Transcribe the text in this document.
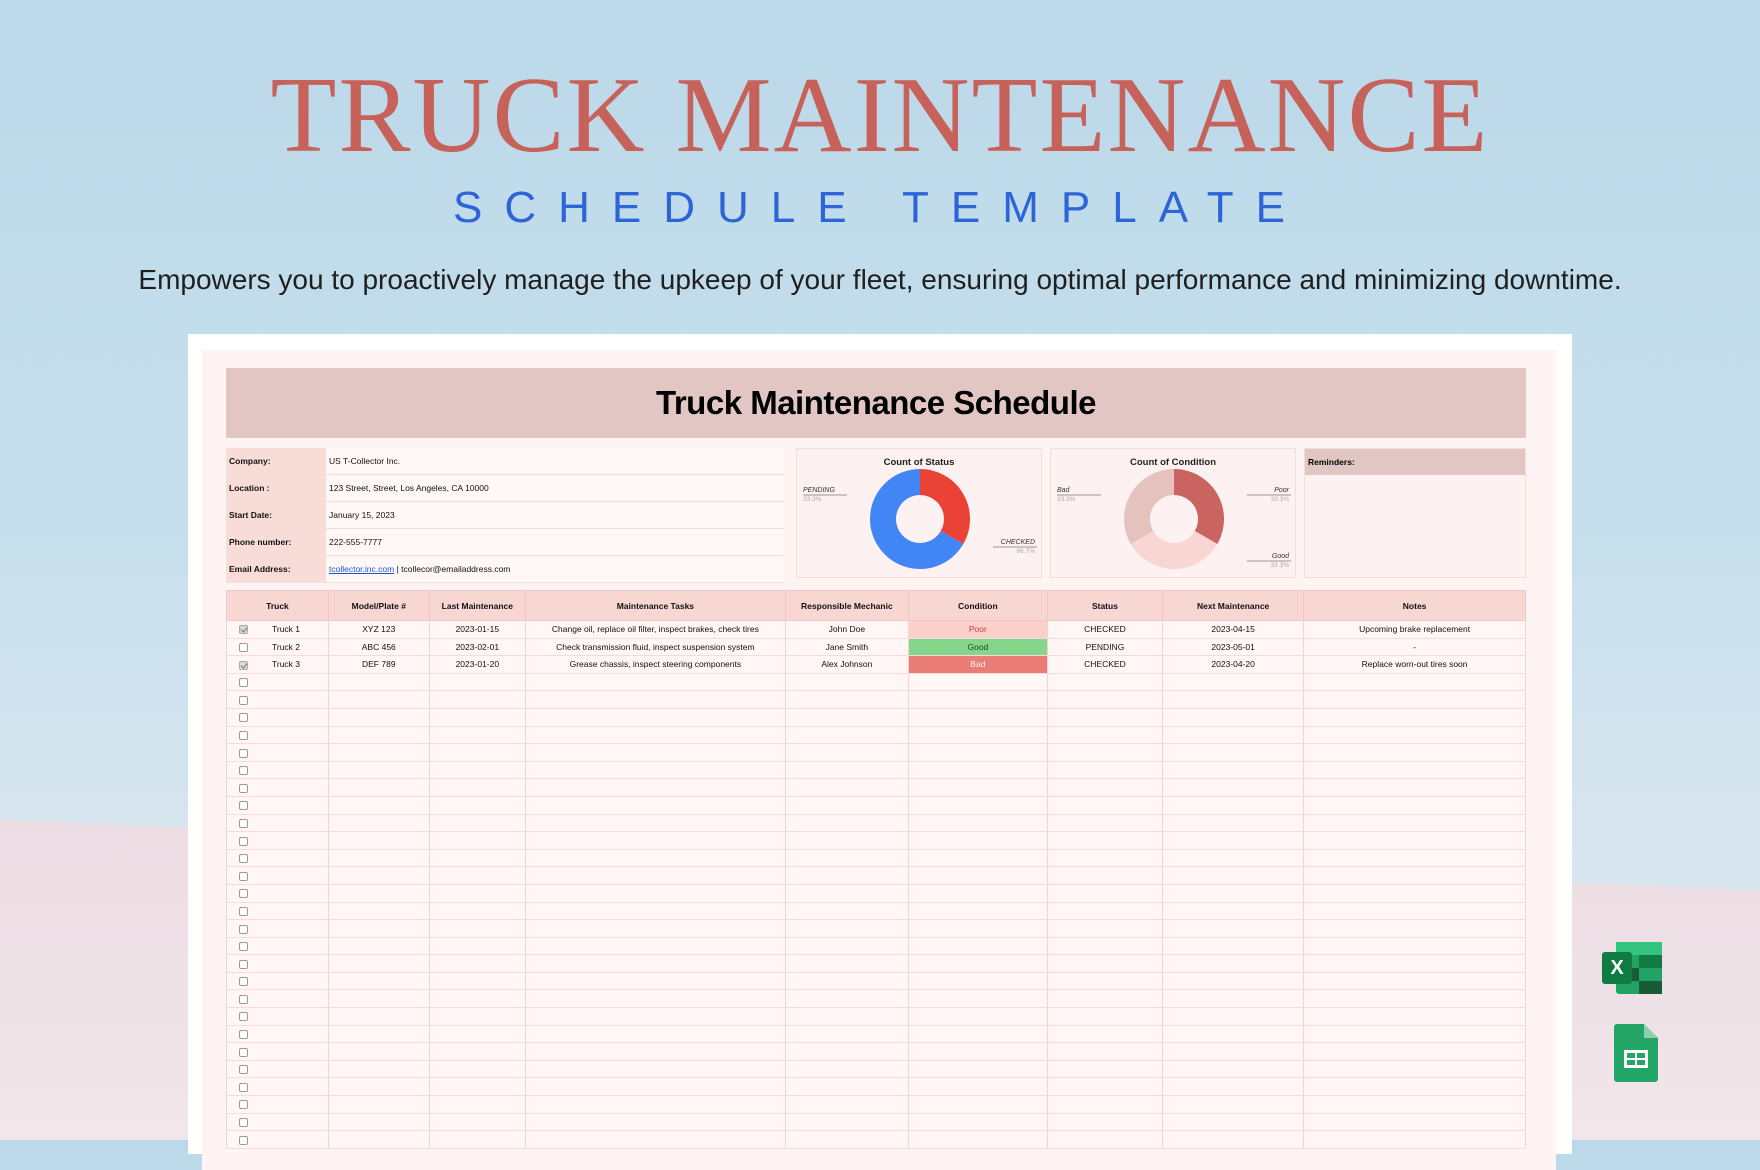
TRUCK MAINTENANCE
SCHEDULE TEMPLATE
Empowers you to proactively manage the upkeep of your fleet, ensuring optimal performance and minimizing downtime.
Truck Maintenance Schedule
Company:	US T-Collector Inc.
Location :	123 Street, Street, Los Angeles, CA 10000
Start Date:	January 15, 2023
Phone number:	222-555-7777
Email Address:	tcollector.inc.com | tcollecor@emailaddress.com
Count of Status
PENDING
33.3%
CHECKED
66.7%
Count of Condition
Bad
33.3%
Poor
33.3%
Good
33.3%
Reminders:
Truck	Model/Plate #	Last Maintenance	Maintenance Tasks	Responsible Mechanic	Condition	Status	Next Maintenance	Notes
Truck 1	XYZ 123	2023-01-15	Change oil, replace oil filter, inspect brakes, check tires	John Doe	Poor	CHECKED	2023-04-15	Upcoming brake replacement
Truck 2	ABC 456	2023-02-01	Check transmission fluid, inspect suspension system	Jane Smith	Good	PENDING	2023-05-01	-
Truck 3	DEF 789	2023-01-20	Grease chassis, inspect steering components	Alex Johnson	Bad	CHECKED	2023-04-20	Replace worn-out tires soon

X
